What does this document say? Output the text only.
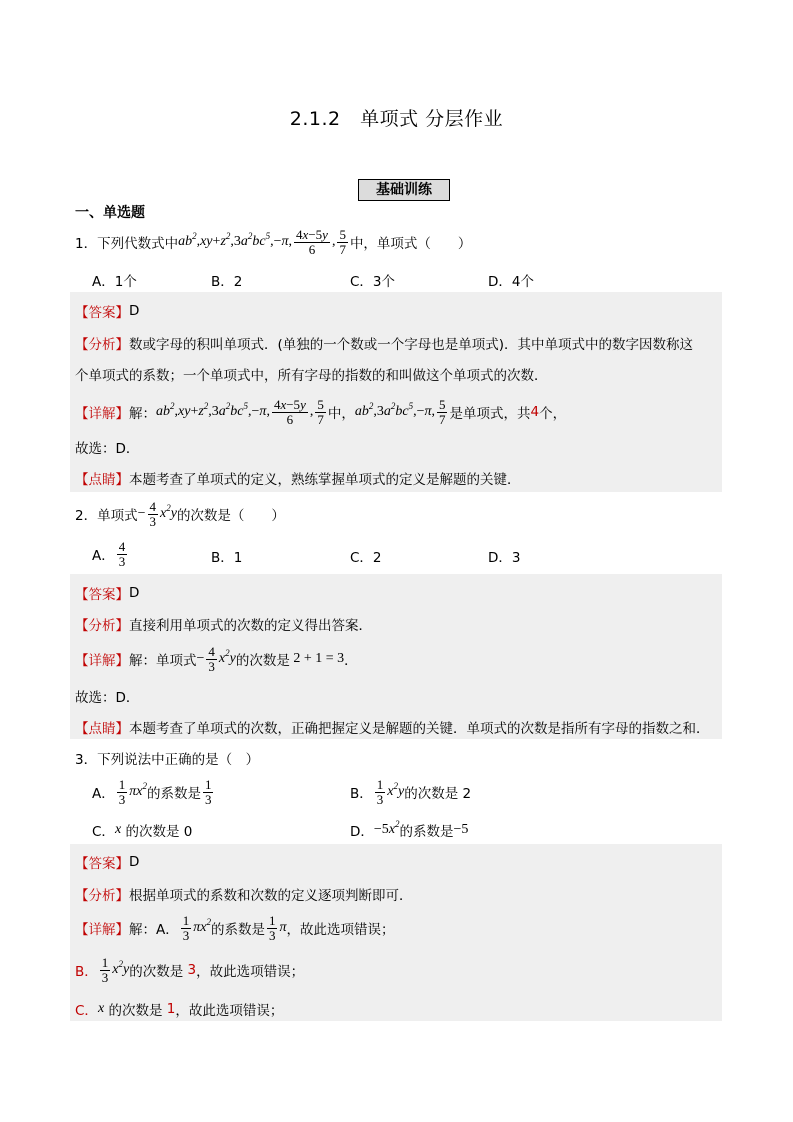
2.1.2　单项式 分层作业
基础训练
一、单选题
1．下列代数式中 $ab^2$ , xy + $z^2$ ,3 $a^2bc^5$ ,− π , $\frac{4x-5y}{6}$ , $\frac{5}{7}$ 中，单项式（　　）
A．1个	B．2	C．3个	D．4个
【答案】 D
【分析】 数或字母的积叫单项式．(单独的一个数或一个字母也是单项式)．其中单项式中的数字因数称这
个单项式的系数；一个单项式中，所有字母的指数的和叫做这个单项式的次数．
【详解】 解： $ab^2$ , xy + $z^2$ ,3 $a^2bc^5$ ,− π , $\frac{4x-5y}{6}$ , $\frac{5}{7}$ 中， $ab^2$ ,3 $a^2bc^5$ ,− π , $\frac{5}{7}$ 是单项式，共 4 个，
故选：D．
【点睛】 本题考查了单项式的定义，熟练掌握单项式的定义是解题的关键．
2．单项式 − $\frac{4}{3} x^2y$ 的次数是（　　）
A． $\frac{4}{3}$	B．1	C．2	D．3
【答案】 D
【分析】 直接利用单项式的次数的定义得出答案．
【详解】 解：单项式 − $\frac{4}{3} x^2y$ 的次数是 2 + 1 = 3 ．
故选：D．
【点睛】 本题考查了单项式的次数，正确把握定义是解题的关键．单项式的次数是指所有字母的指数之和．
3．下列说法中正确的是（　）
A． $\frac{1}{3} \pi x^2$ 的系数是 $\frac{1}{3}$	B． $\frac{1}{3} x^2y$ 的次数是 2
C． x
的次数是 0	D． −5 $x^2$ 的系数是 −5
【答案】 D
【分析】 根据单项式的系数和次数的定义逐项判断即可．
【详解】 解：A． $\frac{1}{3} \pi x^2$ 的系数是 $\frac{1}{3}$ π ，故此选项错误；
B． $\frac{1}{3} x^2y$ 的次数是
3 ，故此选项错误；
C． x
的次数是
1 ，故此选项错误；
